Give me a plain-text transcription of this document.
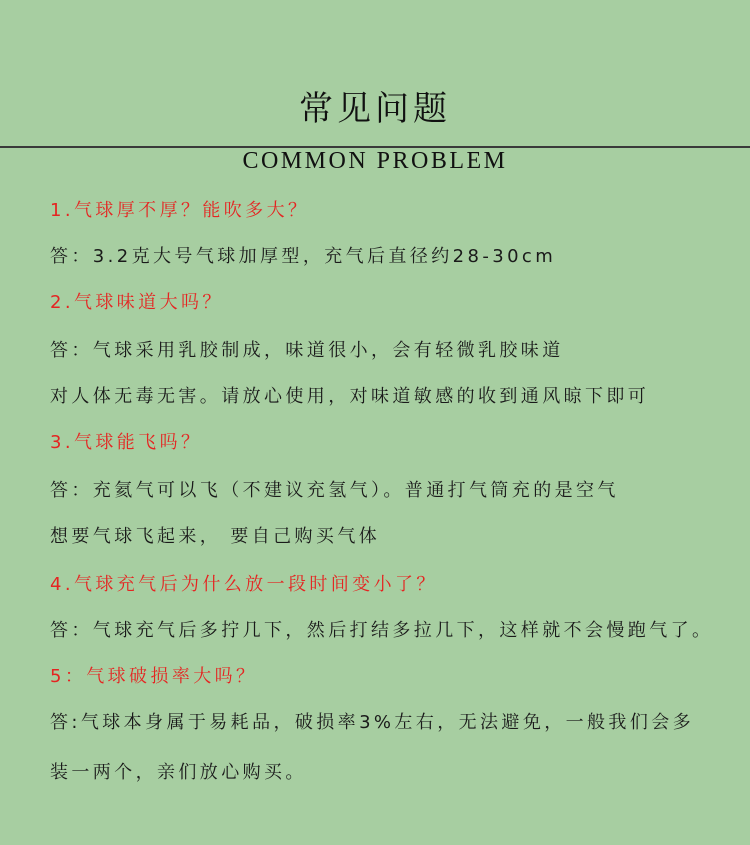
常见问题
COMMON PROBLEM
1.气球厚不厚？能吹多大？
答：3.2克大号气球加厚型，充气后直径约28-30cm
2.气球味道大吗？
答：气球采用乳胶制成，味道很小，会有轻微乳胶味道
对人体无毒无害。请放心使用，对味道敏感的收到通风晾下即可
3.气球能飞吗？
答：充氦气可以飞（不建议充氢气）。普通打气筒充的是空气
想要气球飞起来， 要自己购买气体
4.气球充气后为什么放一段时间变小了？
答：气球充气后多拧几下，然后打结多拉几下，这样就不会慢跑气了。
5：气球破损率大吗？
答:气球本身属于易耗品，破损率3%左右，无法避免，一般我们会多
装一两个，亲们放心购买。
